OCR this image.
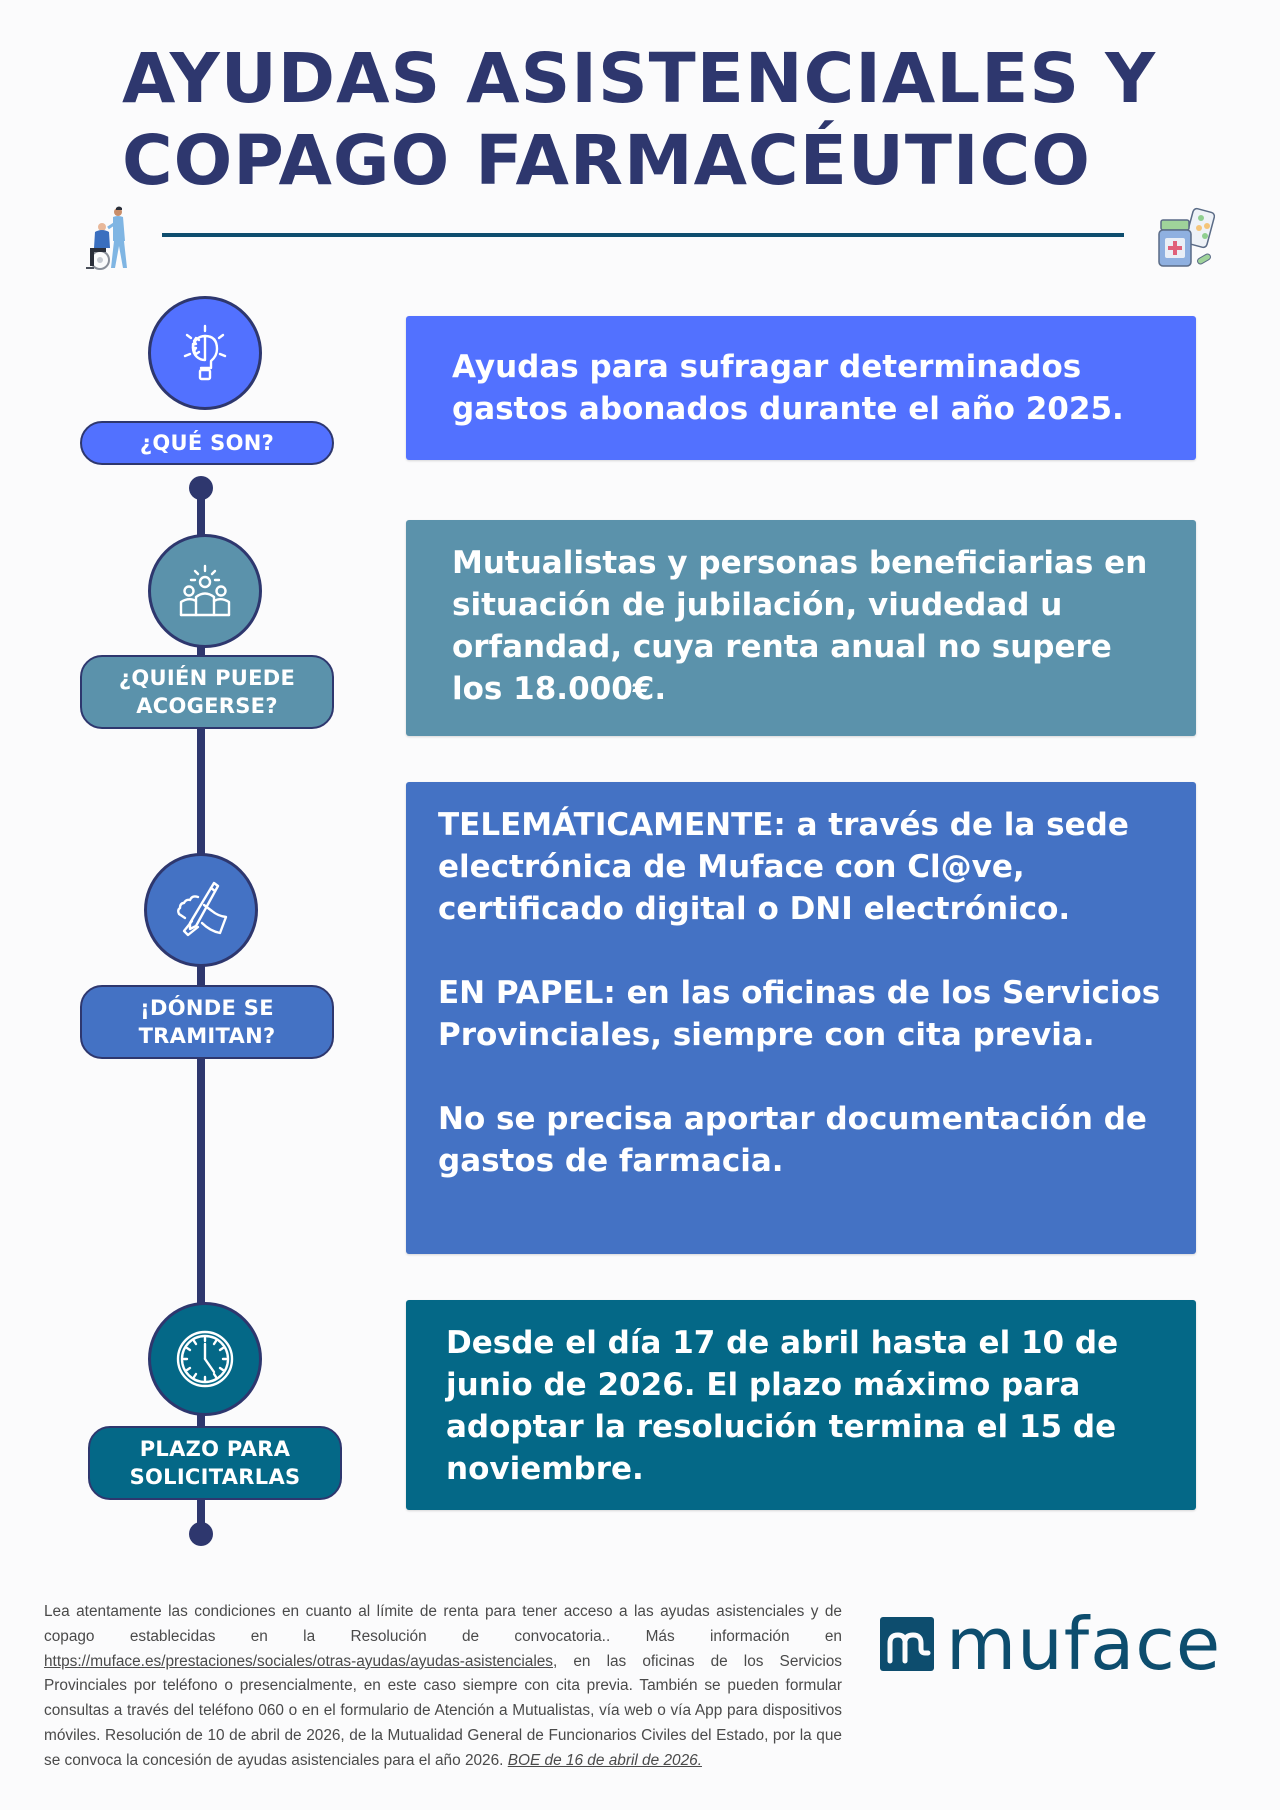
AYUDAS ASISTENCIALES Y
COPAGO FARMACÉUTICO
¿QUÉ SON?

Ayudas para sufragar determinados gastos abonados durante el año 2025.

¿QUIÉN PUEDE
ACOGERSE?

Mutualistas y personas beneficiarias en situación de jubilación, viudedad u orfandad, cuya renta anual no supere los 18.000€.

¡DÓNDE SE
TRAMITAN?

TELEMÁTICAMENTE: a través de la sede electrónica de Muface con Cl@ve, certificado digital o DNI electrónico.

EN PAPEL: en las oficinas de los Servicios Provinciales, siempre con cita previa.

No se precisa aportar documentación de gastos de farmacia.

PLAZO PARA
SOLICITARLAS

Desde el día 17 de abril hasta el 10 de junio de 2026. El plazo máximo para adoptar la resolución termina el 15 de noviembre.

Lea atentamente las condiciones en cuanto al límite de renta para tener acceso a las ayudas asistenciales y de copago establecidas en la Resolución de convocatoria.. Más información en https://muface.es/prestaciones/sociales/otras-ayudas/ayudas-asistenciales, en las oficinas de los Servicios Provinciales por teléfono o presencialmente, en este caso siempre con cita previa. También se pueden formular consultas a través del teléfono 060 o en el formulario de Atención a Mutualistas, vía web o vía App para dispositivos móviles. Resolución de 10 de abril de 2026, de la Mutualidad General de Funcionarios Civiles del Estado, por la que se convoca la concesión de ayudas asistenciales para el año 2026. BOE de 16 de abril de 2026.
muface
